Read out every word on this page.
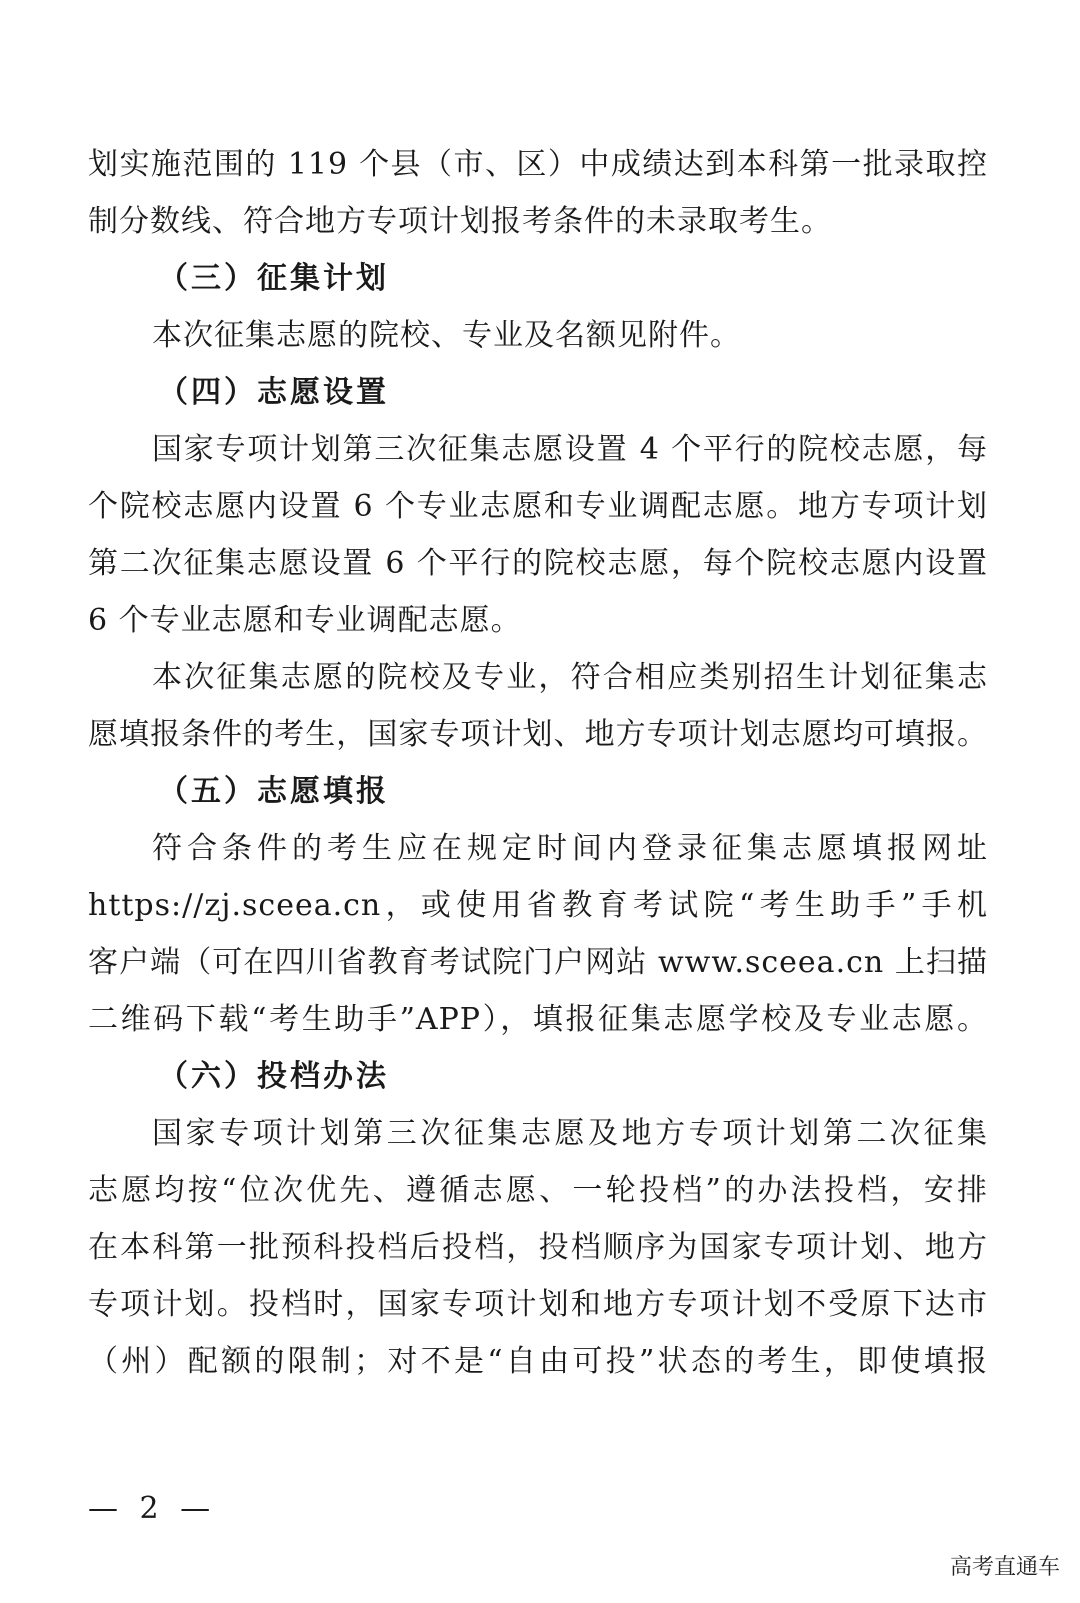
划实施范围的 119 个县（市、区）中成绩达到本科第一批录取控
制分数线、符合地方专项计划报考条件的未录取考生。
（三）征集计划
本次征集志愿的院校、专业及名额见附件。
（四）志愿设置
国家专项计划第三次征集志愿设置 4 个平行的院校志愿，每
个院校志愿内设置 6 个专业志愿和专业调配志愿。地方专项计划
第二次征集志愿设置 6 个平行的院校志愿，每个院校志愿内设置
6 个专业志愿和专业调配志愿。
本次征集志愿的院校及专业，符合相应类别招生计划征集志
愿填报条件的考生，国家专项计划、地方专项计划志愿均可填报。
（五）志愿填报
符合条件的考生应在规定时间内登录征集志愿填报网址
https://zj.sceea.cn，或使用省教育考试院“考生助手”手机
客户端（可在四川省教育考试院门户网站 www.sceea.cn 上扫描
二维码下载“考生助手”APP），填报征集志愿学校及专业志愿。
（六）投档办法
国家专项计划第三次征集志愿及地方专项计划第二次征集
志愿均按“位次优先、遵循志愿、一轮投档”的办法投档，安排
在本科第一批预科投档后投档，投档顺序为国家专项计划、地方
专项计划。投档时，国家专项计划和地方专项计划不受原下达市
（州）配额的限制；对不是“自由可投”状态的考生，即使填报
— 2 —
高考直通车
